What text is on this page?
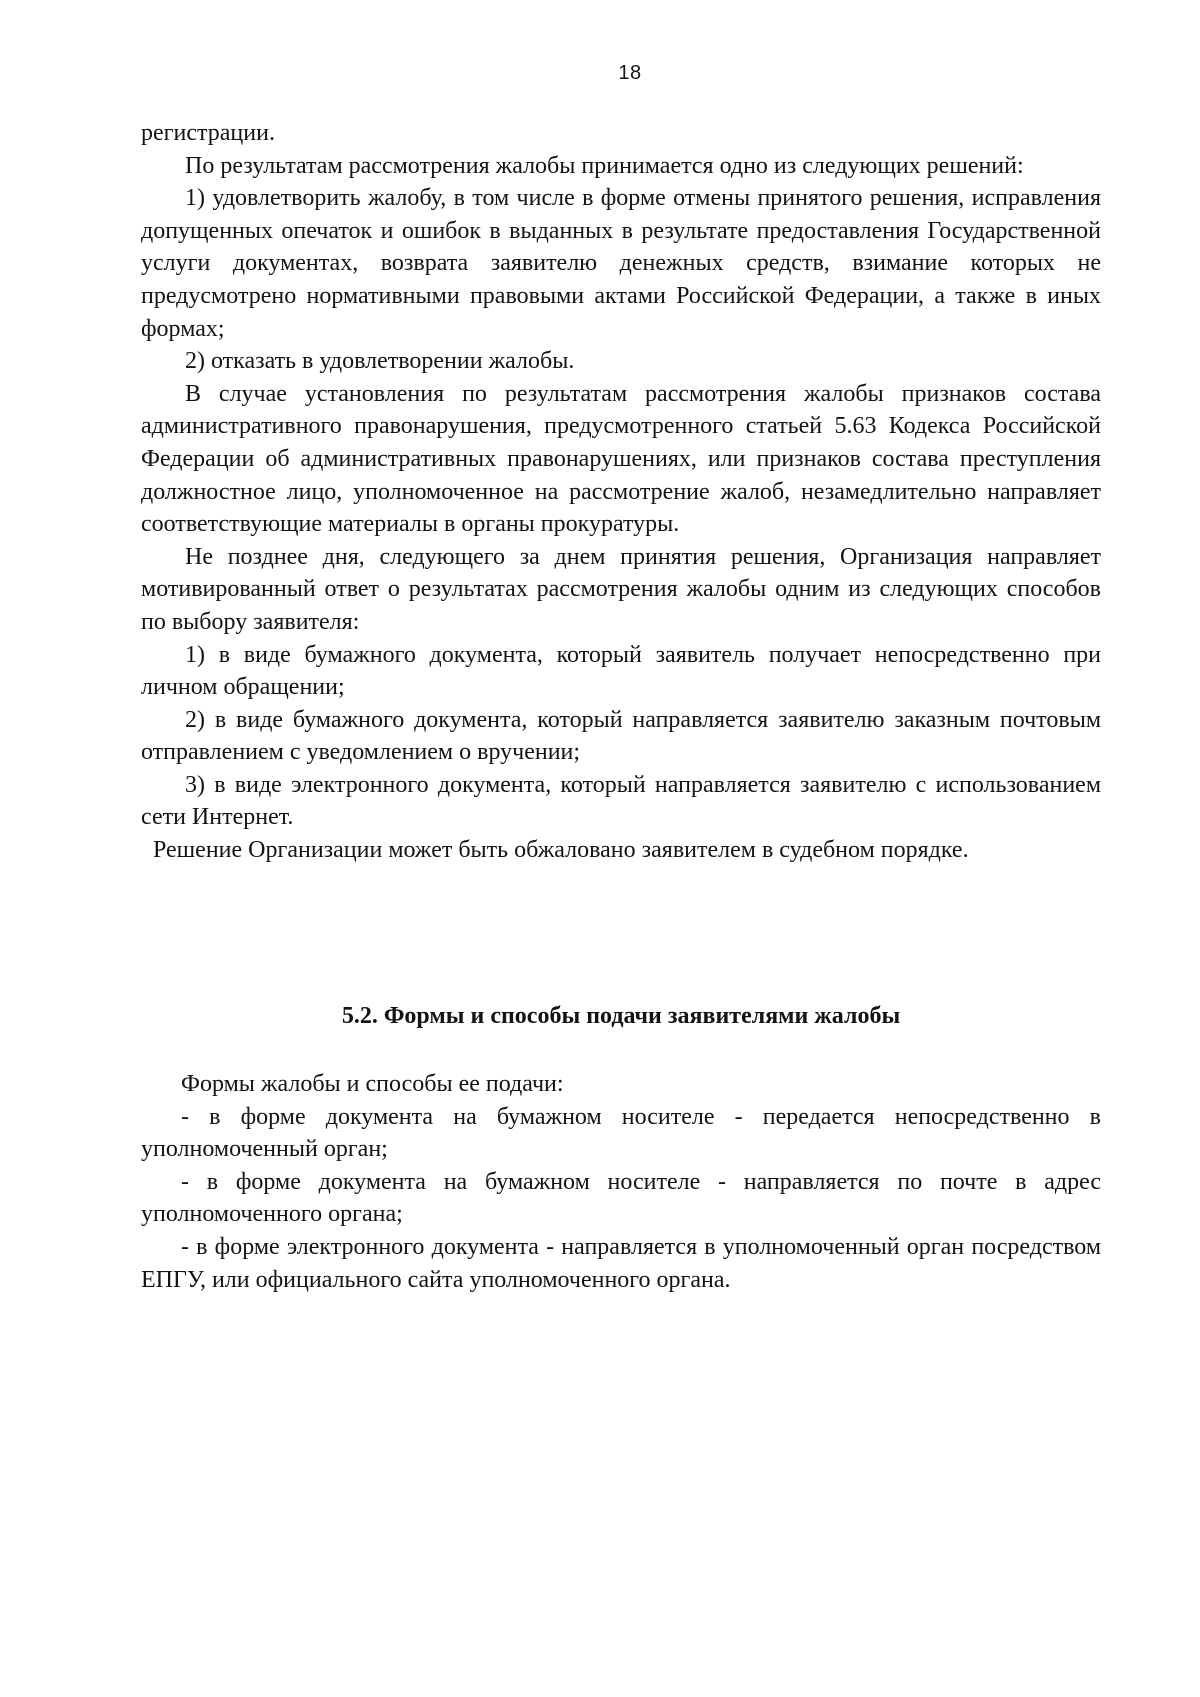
18

регистрации.

По результатам рассмотрения жалобы принимается одно из следующих решений:

1) удовлетворить жалобу, в том числе в форме отмены принятого решения, исправления допущенных опечаток и ошибок в выданных в результате предоставления Государственной услуги документах, возврата заявителю денежных средств, взимание которых не предусмотрено нормативными правовыми актами Российской Федерации, а также в иных формах;

2) отказать в удовлетворении жалобы.

В случае установления по результатам рассмотрения жалобы признаков состава административного правонарушения, предусмотренного статьей 5.63 Кодекса Российской Федерации об административных правонарушениях, или признаков состава преступления должностное лицо, уполномоченное на рассмотрение жалоб, незамедлительно направляет соответствующие материалы в органы прокуратуры.

Не позднее дня, следующего за днем принятия решения, Организация направляет мотивированный ответ о результатах рассмотрения жалобы одним из следующих способов по выбору заявителя:

1) в виде бумажного документа, который заявитель получает непосредственно при личном обращении;

2) в виде бумажного документа, который направляется заявителю заказным почтовым отправлением с уведомлением о вручении;

3) в виде электронного документа, который направляется заявителю с использованием сети Интернет.

Решение Организации может быть обжаловано заявителем в судебном порядке.

5.2. Формы и способы подачи заявителями жалобы

Формы жалобы и способы ее подачи:

- в форме документа на бумажном носителе - передается непосредственно в уполномоченный орган;

- в форме документа на бумажном носителе - направляется по почте в адрес уполномоченного органа;

- в форме электронного документа - направляется в уполномоченный орган посредством ЕПГУ, или официального сайта уполномоченного органа.
